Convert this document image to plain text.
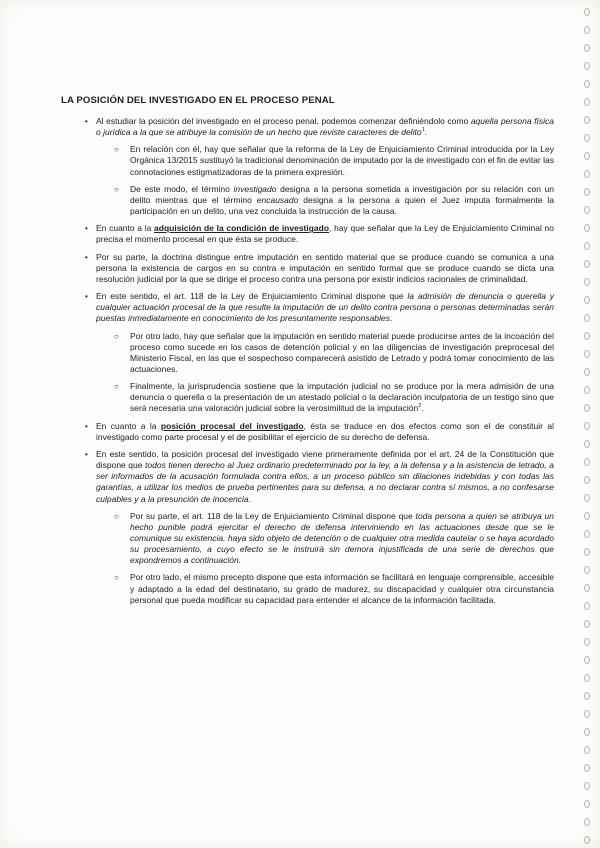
LA POSICIÓN DEL INVESTIGADO EN EL PROCESO PENAL
• Al estudiar la posición del investigado en el proceso penal, podemos comenzar definiéndolo como aquella persona física o jurídica a la que se atribuye la comisión de un hecho que reviste caracteres de delito$^1$.
○ En relación con él, hay que señalar que la reforma de la Ley de Enjuiciamiento Criminal introducida por la Ley Orgánica 13/2015 sustituyó la tradicional denominación de imputado por la de investigado con el fin de evitar las connotaciones estigmatizadoras de la primera expresión.
○ De este modo, el término investigado designa a la persona sometida a investigación por su relación con un delito mientras que el término encausado designa a la persona a quien el Juez imputa formalmente la participación en un delito, una vez concluida la instrucción de la causa.
• En cuanto a la adquisición de la condición de investigado, hay que señalar que la Ley de Enjuiciamiento Criminal no precisa el momento procesal en que ésta se produce.
• Por su parte, la doctrina distingue entre imputación en sentido material que se produce cuando se comunica a una persona la existencia de cargos en su contra e imputación en sentido formal que se produce cuando se dicta una resolución judicial por la que se dirige el proceso contra una persona por existir indicios racionales de criminalidad.
• En este sentido, el art. 118 de la Ley de Enjuiciamiento Criminal dispone que la admisión de denuncia o querella y cualquier actuación procesal de la que resulte la imputación de un delito contra persona o personas determinadas serán puestas inmediatamente en conocimiento de los presuntamente responsables.
○ Por otro lado, hay que señalar que la imputación en sentido material puede producirse antes de la incoación del proceso como sucede en los casos de detención policial y en las diligencias de investigación preprocesal del Ministerio Fiscal, en las que el sospechoso comparecerá asistido de Letrado y podrá tomar conocimiento de las actuaciones.
○ Finalmente, la jurisprudencia sostiene que la imputación judicial no se produce por la mera admisión de una denuncia o querella o la presentación de un atestado policial o la declaración inculpatoria de un testigo sino que será necesaria una valoración judicial sobre la verosimilitud de la imputación$^2$.
• En cuanto a la posición procesal del investigado, ésta se traduce en dos efectos como son el de constituir al investigado como parte procesal y el de posibilitar el ejercicio de su derecho de defensa.
• En este sentido, la posición procesal del investigado viene primeramente definida por el art. 24 de la Constitución que dispone que todos tienen derecho al Juez ordinario predeterminado por la ley, a la defensa y a la asistencia de letrado, a ser informados de la acusación formulada contra ellos, a un proceso público sin dilaciones indebidas y con todas las garantías, a utilizar los medios de prueba pertinentes para su defensa, a no declarar contra sí mismos, a no confesarse culpables y a la presunción de inocencia.
○ Por su parte, el art. 118 de la Ley de Enjuiciamiento Criminal dispone que toda persona a quien se atribuya un hecho punible podrá ejercitar el derecho de defensa interviniendo en las actuaciones desde que se le comunique su existencia, haya sido objeto de detención o de cualquier otra medida cautelar o se haya acordado su procesamiento, a cuyo efecto se le instruirá sin demora injustificada de una serie de derechos que expondremos a continuación.
○ Por otro lado, el mismo precepto dispone que esta información se facilitará en lenguaje comprensible, accesible y adaptado a la edad del destinatario, su grado de madurez, su discapacidad y cualquier otra circunstancia personal que pueda modificar su capacidad para entender el alcance de la información facilitada.
